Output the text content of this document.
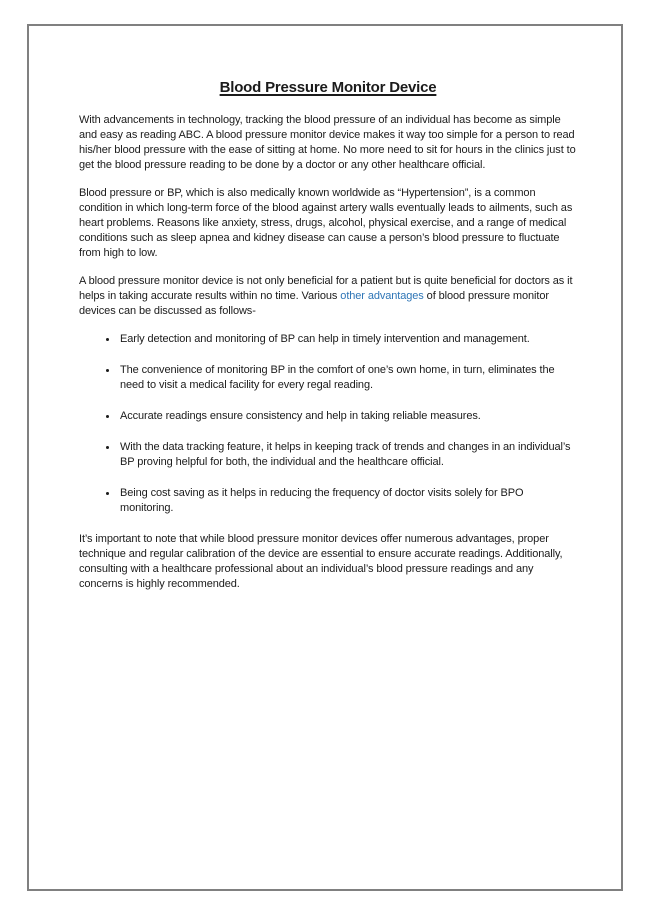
Blood Pressure Monitor Device

With advancements in technology, tracking the blood pressure of an individual has become as simple and easy as reading ABC. A blood pressure monitor device makes it way too simple for a person to read his/her blood pressure with the ease of sitting at home. No more need to sit for hours in the clinics just to get the blood pressure reading to be done by a doctor or any other healthcare official.

Blood pressure or BP, which is also medically known worldwide as “Hypertension”, is a common condition in which long-term force of the blood against artery walls eventually leads to ailments, such as heart problems. Reasons like anxiety, stress, drugs, alcohol, physical exercise, and a range of medical conditions such as sleep apnea and kidney disease can cause a person’s blood pressure to fluctuate from high to low.

A blood pressure monitor device is not only beneficial for a patient but is quite beneficial for doctors as it helps in taking accurate results within no time. Various other advantages of blood pressure monitor devices can be discussed as follows-

• Early detection and monitoring of BP can help in timely intervention and management.
• The convenience of monitoring BP in the comfort of one’s own home, in turn, eliminates the need to visit a medical facility for every regal reading.
• Accurate readings ensure consistency and help in taking reliable measures.
• With the data tracking feature, it helps in keeping track of trends and changes in an individual’s BP proving helpful for both, the individual and the healthcare official.
• Being cost saving as it helps in reducing the frequency of doctor visits solely for BPO monitoring.

It’s important to note that while blood pressure monitor devices offer numerous advantages, proper technique and regular calibration of the device are essential to ensure accurate readings. Additionally, consulting with a healthcare professional about an individual’s blood pressure readings and any concerns is highly recommended.
